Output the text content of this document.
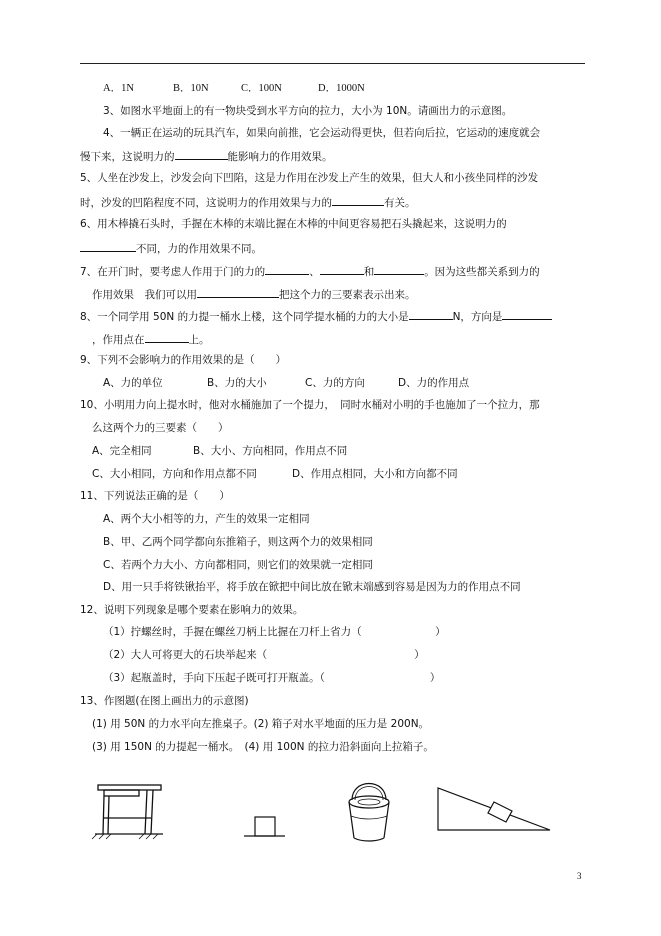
A．1N	B．10N	C．100N	D．1000N
3、如图水平地面上的有一物块受到水平方向的拉力，大小为 10N。请画出力的示意图。
4、一辆正在运动的玩具汽车，如果向前推，它会运动得更快，但若向后拉，它运动的速度就会
慢下来，这说明力的	能影响力的作用效果。
5、人坐在沙发上，沙发会向下凹陷，这是力作用在沙发上产生的效果，但大人和小孩坐同样的沙发
时，沙发的凹陷程度不同，这说明力的作用效果与力的	有关。
6、用木棒撬石头时，手握在木棒的末端比握在木棒的中间更容易把石头撬起来，这说明力的
不同，力的作用效果不同。
7、在开门时，要考虑人作用于门的力的	、	和	。因为这些都关系到力的
作用效果　我们可以用	把这个力的三要素表示出来。
8、一个同学用 50N 的力提一桶水上楼，这个同学提水桶的力的大小是	N，方向是
，作用点在	上。
9、下列不会影响力的作用效果的是（　　）
A、力的单位	B、力的大小	C、力的方向	D、力的作用点
10、小明用力向上提水时，他对水桶施加了一个提力，　同时水桶对小明的手也施加了一个拉力，那
么这两个力的三要素（　　）
A、完全相同	B、大小、方向相同，作用点不同
C、大小相同，方向和作用点都不同	D、作用点相同，大小和方向都不同
11、下列说法正确的是（　　）
A、两个大小相等的力，产生的效果一定相同
B、甲、乙两个同学都向东推箱子，则这两个力的效果相同
C、若两个力大小、方向都相同，则它们的效果就一定相同
D、用一只手将铁锹抬平，将手放在锨把中间比放在锨末端感到容易是因为力的作用点不同
12、说明下列现象是哪个要素在影响力的效果。
（1）拧螺丝时，手握在螺丝刀柄上比握在刀杆上省力（　　　　　　　）
（2）大人可将更大的石块举起来（　　　　　　　　　　　　　　）
（3）起瓶盖时，手向下压起子既可打开瓶盖。（　　　　　　　　　　）
13、作图题(在图上画出力的示意图)
(1) 用 50N 的力水平向左推桌子。(2) 箱子对水平地面的压力是 200N。
(3) 用 150N 的力提起一桶水。　(4) 用 100N 的拉力沿斜面向上拉箱子。
3
